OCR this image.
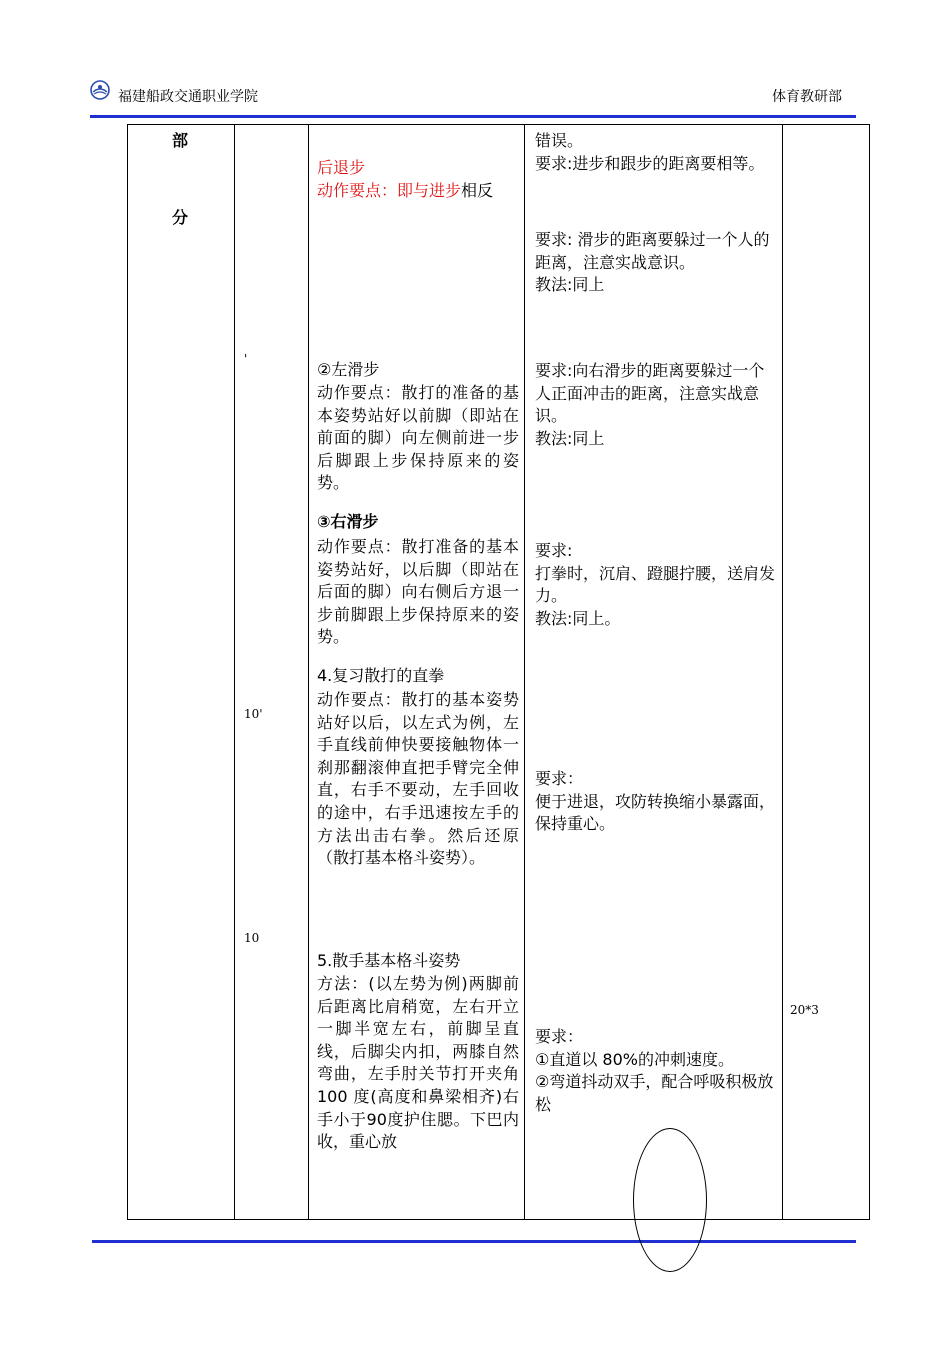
福建船政交通职业学院	体育教研部
部
分
'
10'
10
20*3
后退步
动作要点：即与进步相反
②左滑步
动作要点：散打的准备的基本姿势站好以前脚（即站在前面的脚）向左侧前进一步后脚跟上步保持原来的姿势。
③右滑步
动作要点：散打准备的基本姿势站好，以后脚（即站在后面的脚）向右侧后方退一步前脚跟上步保持原来的姿势。
4.复习散打的直拳
动作要点：散打的基本姿势站好以后，以左式为例，左手直线前伸快要接触物体一刹那翻滚伸直把手臂完全伸直，右手不要动，左手回收的途中，右手迅速按左手的方法出击右拳。然后还原（散打基本格斗姿势）。
5.散手基本格斗姿势
方法：(以左势为例)两脚前后距离比肩稍宽，左右开立一脚半宽左右，前脚呈直线，后脚尖内扣，两膝自然弯曲，左手肘关节打开夹角100 度(高度和鼻梁相齐)右手小于90度护住腮。下巴内收，重心放
错误。
要求:进步和跟步的距离要相等。
要求: 滑步的距离要躲过一个人的距离，注意实战意识。
教法:同上
要求:向右滑步的距离要躲过一个人正面冲击的距离，注意实战意识。
教法:同上
要求:
打拳时，沉肩、蹬腿拧腰，送肩发力。
教法:同上。
要求：
便于进退，攻防转换缩小暴露面，保持重心。
要求：
①直道以 80%的冲刺速度。
②弯道抖动双手，配合呼吸积极放松
